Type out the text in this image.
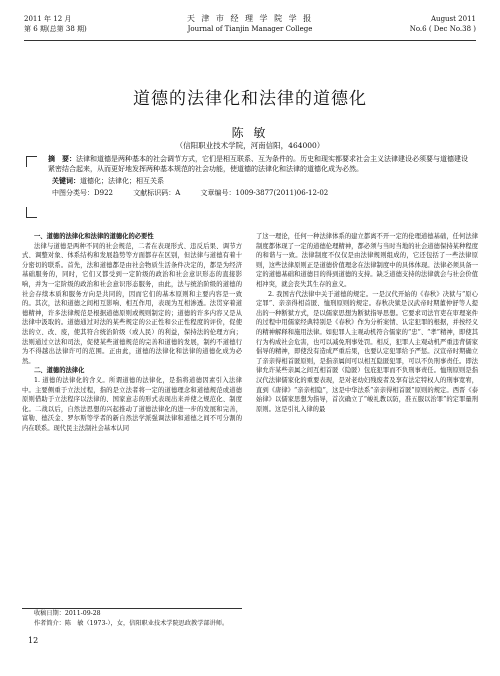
2011 年 12 月
第 6 期(总第 38 期)
天 津 市 经 理 学 院 学 报
Journal of Tianjin Manager College
August 2011
No.6 ( Dec No.38 )
道德的法律化和法律的道德化
陈 敏
（信阳职业技术学院，河南信阳，464000）

摘　要：法律和道德是两种基本的社会调节方式，它们是相互联系、互为条件的。历史和现实都要求社会主义法律建设必须要与道德建设紧密结合起来，从而更好地发挥两种基本规范的社会功能，使道德的法律化和法律的道德化成为必然。

关键词：道德化；法律化；相互关系
中图分类号：D922	文献标识码：A	文章编号：1009-3877(2011)06-12-02

一、道德的法律化和法律的道德化的必要性

法律与道德是两种不同的社会规范，二者在表现形式、违反后果、调节方式、调整对象、体系结构和发展趋势等方面都存在区别，但法律与道德有着十分密切的联系。首先，法和道德都是由社会物质生活条件决定的，都是为经济基础服务的，同时，它们又都受到一定阶级的政治和社会意识形态的直接影响，并为一定阶级的政治和社会意识形态服务，由此，法与统治阶级的道德的社会存续本质和服务方向是共同的，因而它们的基本原则和主要内容是一致的。其次，法和道德之间相互影响、相互作用，表现为互相渗透。法贯穿着道德精神，许多法律规范是根据道德原则或规则制定的；道德的许多内容又是从法律中汲取的。道德通过对法的某些规定的公正性和公正性程度的评价，促使法的立、改、废，使其符合统治阶级（或人民）的利益，保持法的伦理方向；法则通过立法和司法，促使某些道德规范的完善和道德的发展，制约不道德行为不得越出法律许可的范围。正由此，道德的法律化和法律的道德化成为必然。

二、道德的法律化

1. 道德的法律化的含义。所谓道德的法律化，是指将道德因素引入法律中。主要侧重于立法过程，指的是立法者将一定的道德理念和道德规范或道德原则借助于立法程序以法律的、国家意志的形式表现出来并使之规范化、制度化。二战以后，自然法思想的兴起推动了道德法律化的进一步的发展和完善，富勒、德沃金、罗尔斯等学者的新自然法学派强调法律和道德之间不可分割的内在联系。现代民主法制社会基本认同

了这一理论，任何一种法律体系的建立都离不开一定的伦理道德基础，任何法律制度都体现了一定的道德伦理精神，都必须与当时当地的社会道德保持某种程度的和谐与一致。法律制度不仅仅是由法律规则组成的，它还包括了一些法律原则，这些法律原则正是道德价值理念在法律制度中的具体体现。法律必须具备一定的道德基础和道德目的得到道德的支持。缺乏道德支持的法律就会与社会价值相冲突，就会丧失其生存的意义。

2. 我国古代法律中关于道德的规定。一是汉代开始的《春秋》决狱与“原心定罪”、亲亲得相首匿、恤刑原则的规定。春秋决狱是汉武帝时期董仲舒等人提出的一种断狱方式，是以儒家思想为断狱指导思想。它要求司法官吏在审理案件的过程中用儒家经典特别是《春秋》作为分析案情、认定犯罪的根据，并按经义的精神解释和施用法律。如犯罪人主观动机符合儒家的“忠”、“孝”精神，即使其行为构成社会危害，也可以减免刑事处罚。相反，犯罪人主观动机严重违背儒家倡导的精神，即使没有造成严重后果，也要认定犯罪给予严惩。汉宣帝时期确立了亲亲得相首匿原则，是指亲属间可以相互隐匿犯罪，可以不负刑事责任。即法律允许某些亲属之间互相首匿（隐匿）包庇犯罪而不负刑事责任。恤刑原则是指汉代法律儒家化的重要表现，是对老幼妇残废者及享有法定特权人的刑事宽宥，直到《唐律》“亲亲相隐”，这是中华法系“亲亲得相首匿”原则的规定。西晋《泰始律》以儒家思想为指导，首次确立了“峻礼教以防，准五服以治罪”的定罪量刑原则。这是引礼入律的最

收稿日期：2011-09-28
作者简介：陈　敏（1973-），女，信阳职业技术学院思政教学部讲师。
12
